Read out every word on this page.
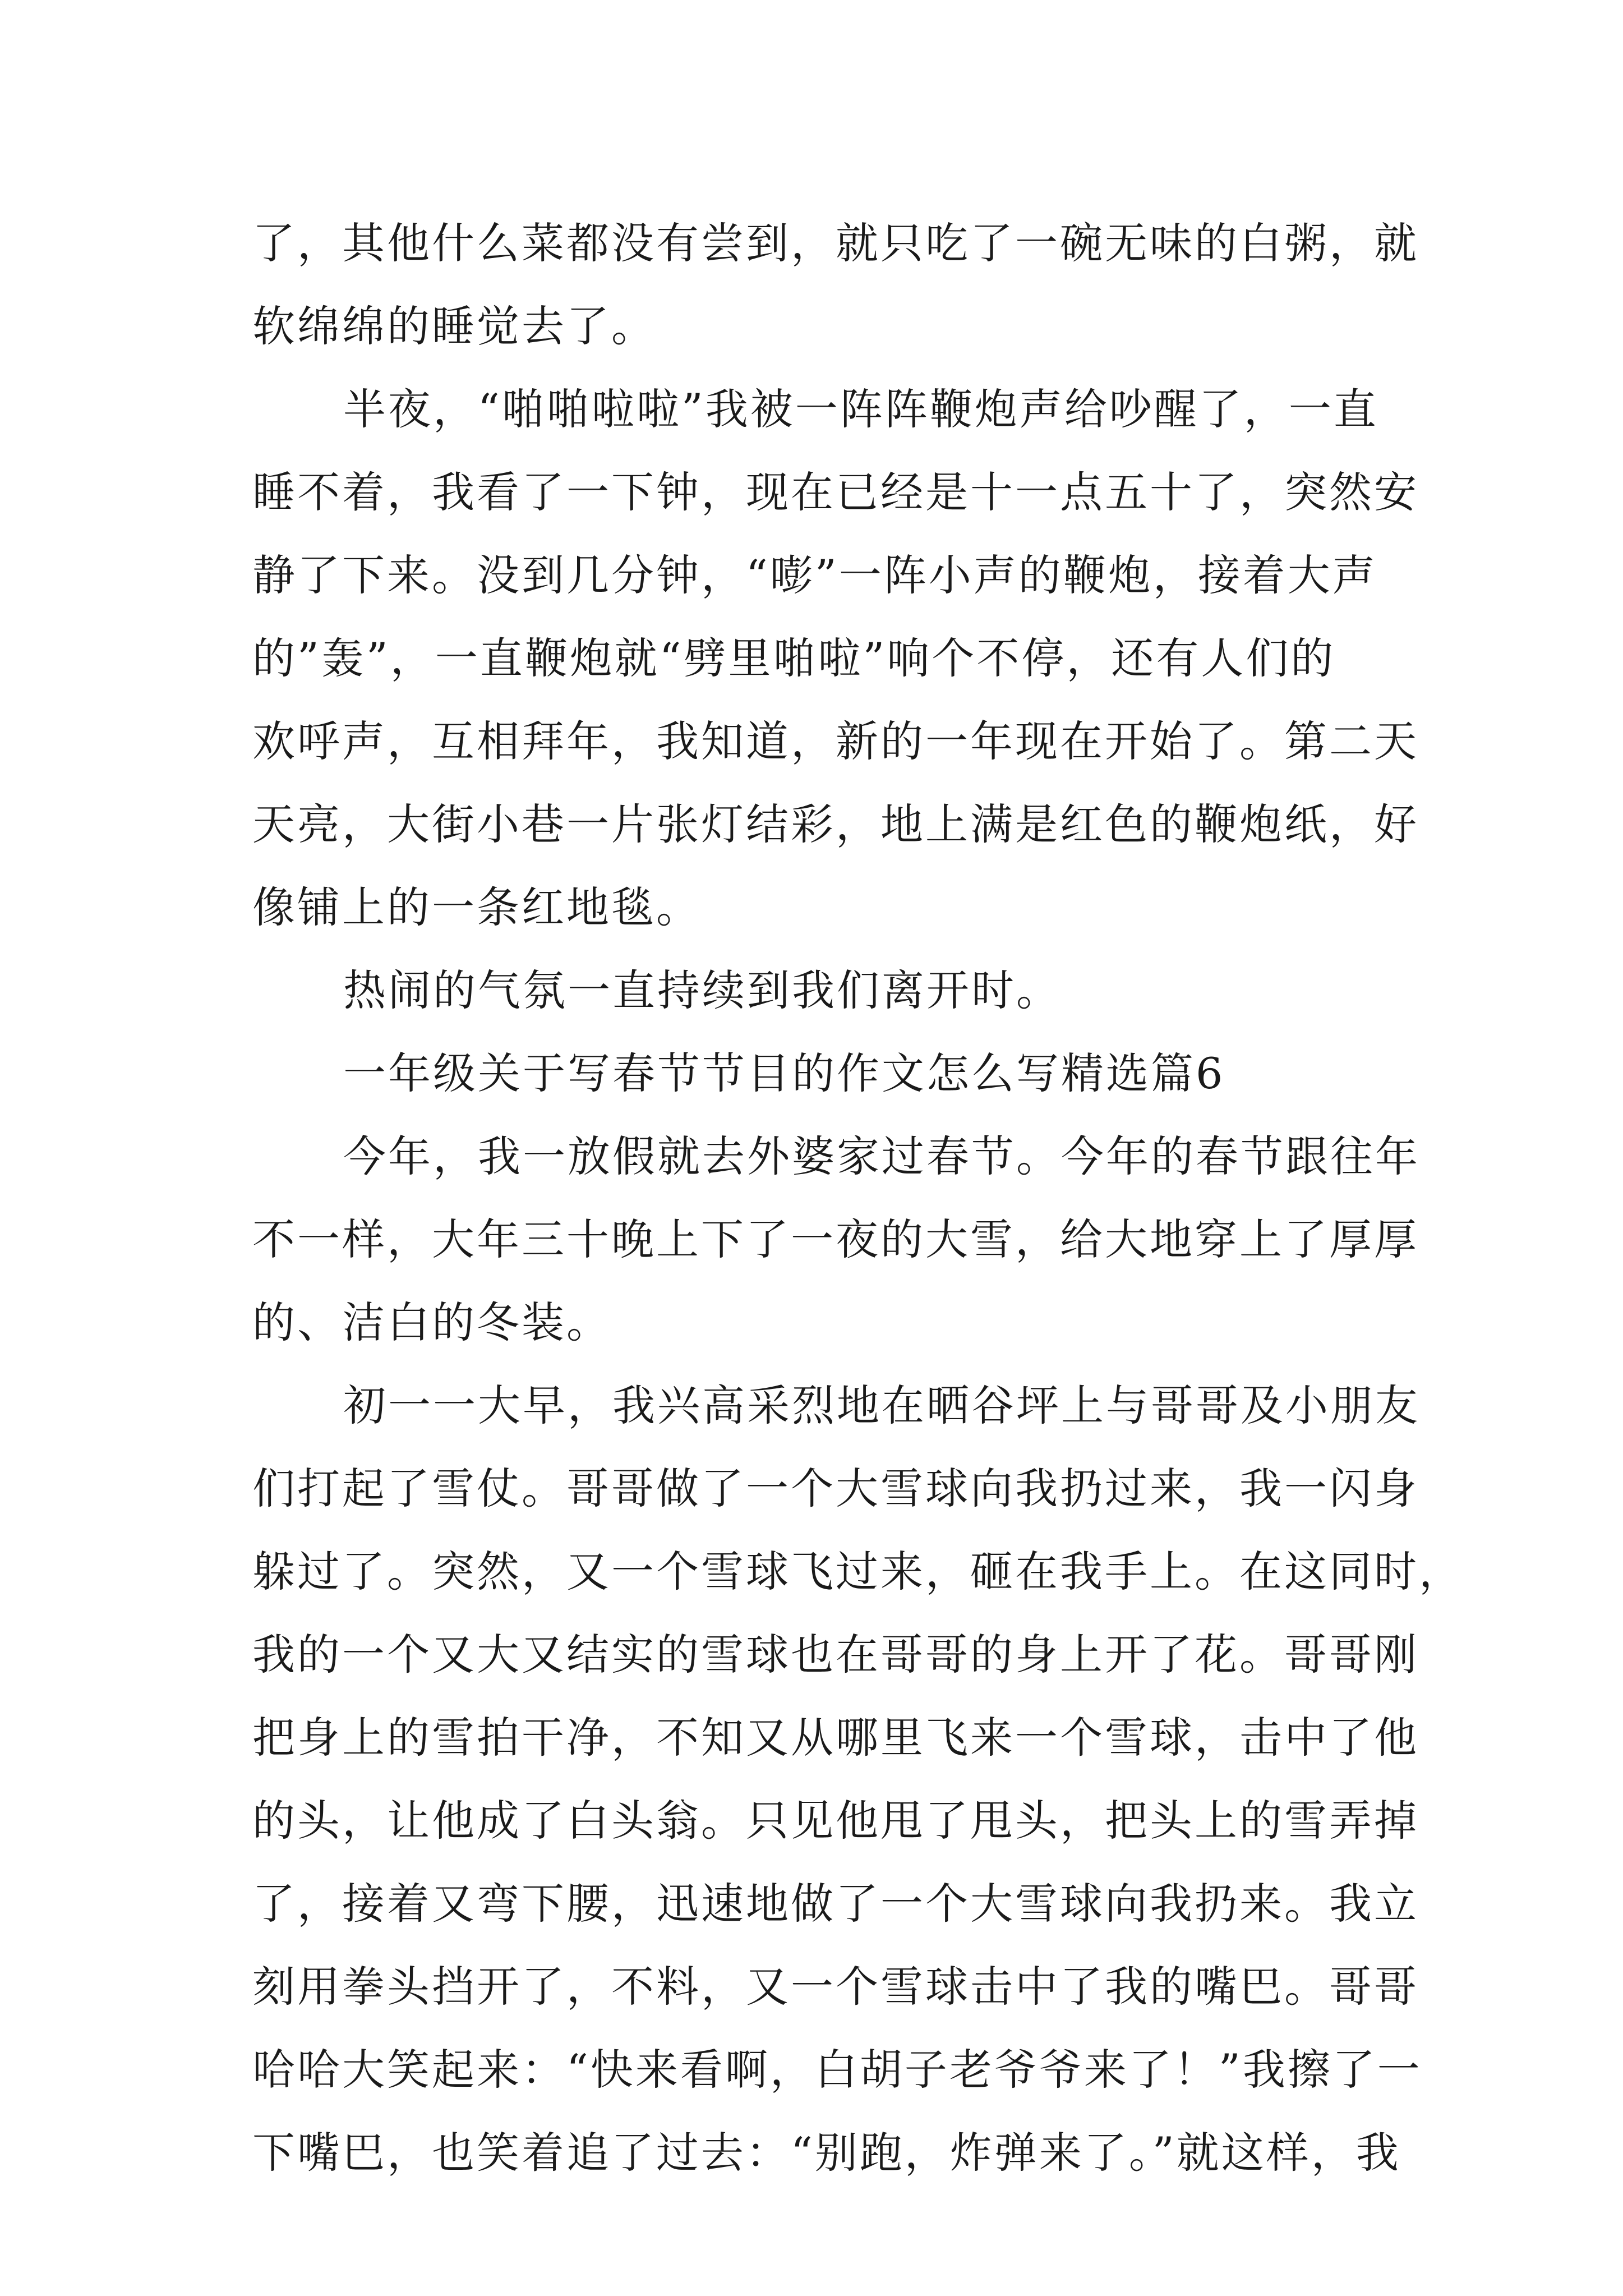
了，其他什么菜都没有尝到，就只吃了一碗无味的白粥，就
软绵绵的睡觉去了。

半夜，“啪啪啦啦”我被一阵阵鞭炮声给吵醒了，一直
睡不着，我看了一下钟，现在已经是十一点五十了，突然安
静了下来。没到几分钟，“嘭”一阵小声的鞭炮，接着大声
的”轰”，一直鞭炮就“劈里啪啦”响个不停，还有人们的
欢呼声，互相拜年，我知道，新的一年现在开始了。第二天
天亮，大街小巷一片张灯结彩，地上满是红色的鞭炮纸，好
像铺上的一条红地毯。

热闹的气氛一直持续到我们离开时。

一年级关于写春节节目的作文怎么写精选篇6

今年，我一放假就去外婆家过春节。今年的春节跟往年
不一样，大年三十晚上下了一夜的大雪，给大地穿上了厚厚
的、洁白的冬装。

初一一大早，我兴高采烈地在晒谷坪上与哥哥及小朋友
们打起了雪仗。哥哥做了一个大雪球向我扔过来，我一闪身
躲过了。突然，又一个雪球飞过来，砸在我手上。在这同时，
我的一个又大又结实的雪球也在哥哥的身上开了花。哥哥刚
把身上的雪拍干净，不知又从哪里飞来一个雪球，击中了他
的头，让他成了白头翁。只见他甩了甩头，把头上的雪弄掉
了，接着又弯下腰，迅速地做了一个大雪球向我扔来。我立
刻用拳头挡开了，不料，又一个雪球击中了我的嘴巴。哥哥
哈哈大笑起来：“快来看啊，白胡子老爷爷来了！”我擦了一
下嘴巴，也笑着追了过去：“别跑，炸弹来了。”就这样，我
